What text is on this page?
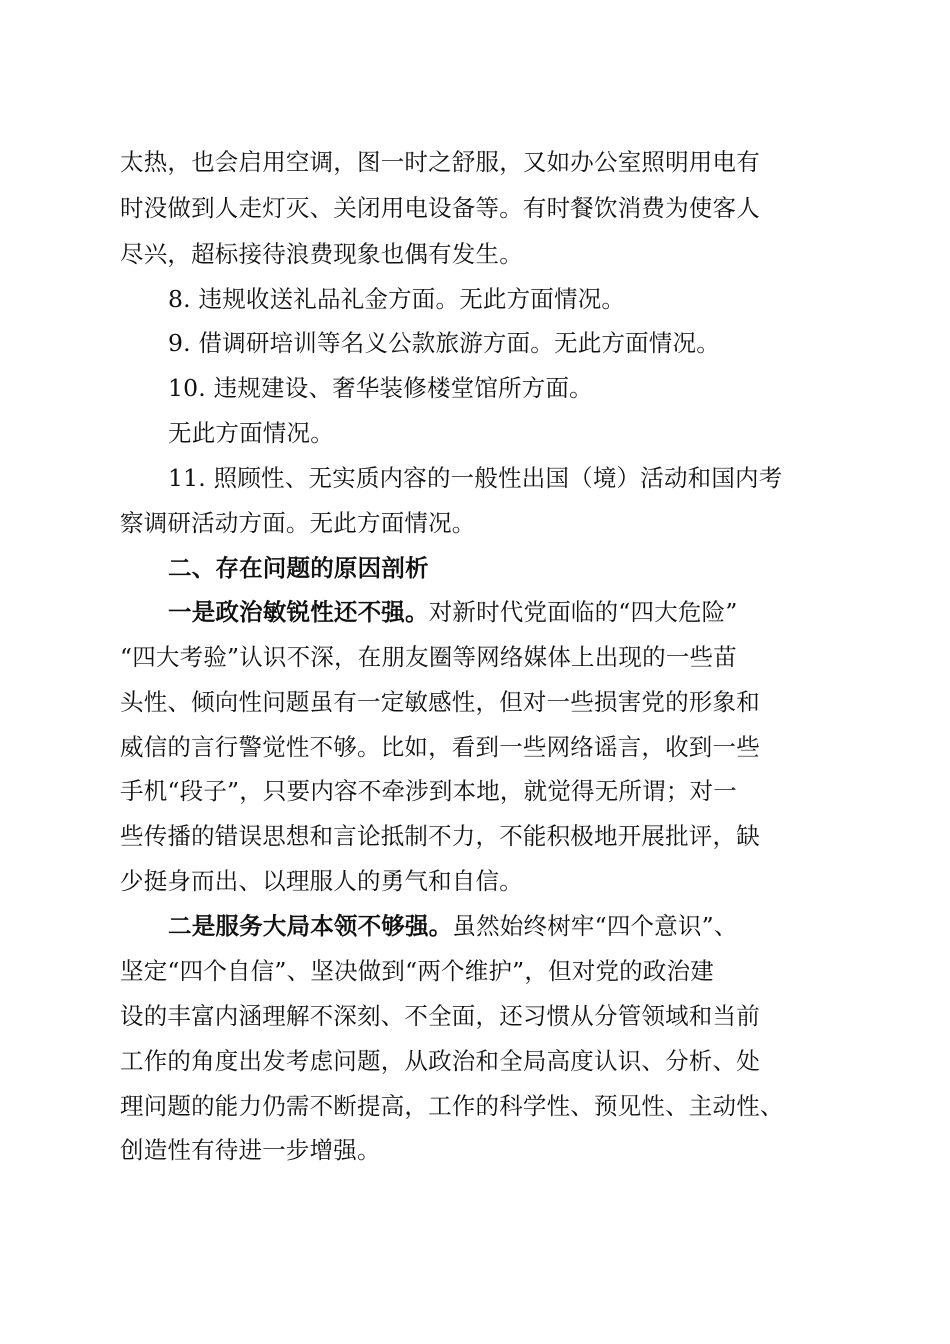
太热，也会启用空调，图一时之舒服，又如办公室照明用电有
时没做到人走灯灭、关闭用电设备等。有时餐饮消费为使客人
尽兴，超标接待浪费现象也偶有发生。
8. 违规收送礼品礼金方面。无此方面情况。
9. 借调研培训等名义公款旅游方面。无此方面情况。
10. 违规建设、奢华装修楼堂馆所方面。
无此方面情况。
11. 照顾性、无实质内容的一般性出国（境）活动和国内考
察调研活动方面。无此方面情况。
二、存在问题的原因剖析
一是政治敏锐性还不强。对新时代党面临的“四大危险”
“四大考验”认识不深，在朋友圈等网络媒体上出现的一些苗
头性、倾向性问题虽有一定敏感性，但对一些损害党的形象和
威信的言行警觉性不够。比如，看到一些网络谣言，收到一些
手机“段子”，只要内容不牵涉到本地，就觉得无所谓；对一
些传播的错误思想和言论抵制不力，不能积极地开展批评，缺
少挺身而出、以理服人的勇气和自信。
二是服务大局本领不够强。虽然始终树牢“四个意识”、
坚定“四个自信”、坚决做到“两个维护”，但对党的政治建
设的丰富内涵理解不深刻、不全面，还习惯从分管领域和当前
工作的角度出发考虑问题，从政治和全局高度认识、分析、处
理问题的能力仍需不断提高，工作的科学性、预见性、主动性、
创造性有待进一步增强。
